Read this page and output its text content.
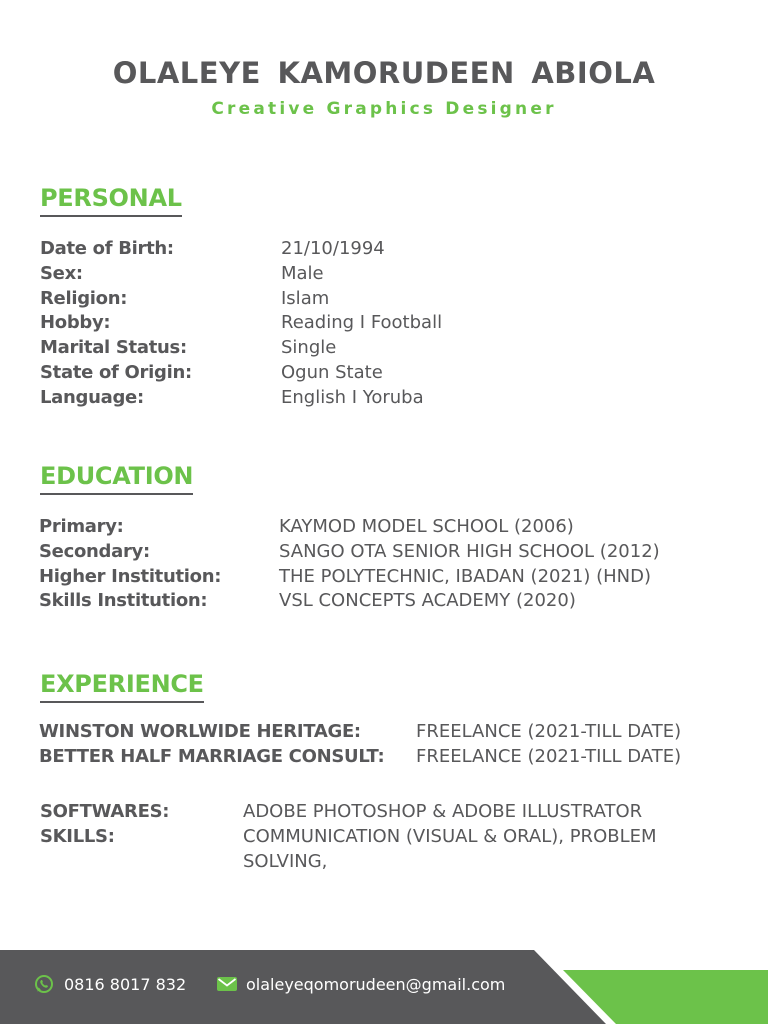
OLALEYE KAMORUDEEN ABIOLA
Creative Graphics Designer
PERSONAL
Date of Birth:	21/10/1994
Sex:	Male
Religion:	Islam
Hobby:	Reading I Football
Marital Status:	Single
State of Origin:	Ogun State
Language:	English I Yoruba
EDUCATION
Primary:	KAYMOD MODEL SCHOOL (2006)
Secondary:	SANGO OTA SENIOR HIGH SCHOOL (2012)
Higher Institution:	THE POLYTECHNIC, IBADAN (2021) (HND)
Skills Institution:	VSL CONCEPTS ACADEMY (2020)
EXPERIENCE
WINSTON WORLWIDE HERITAGE:	FREELANCE (2021-TILL DATE)
BETTER HALF MARRIAGE CONSULT: FREELANCE (2021-TILL DATE)
SOFTWARES:	ADOBE PHOTOSHOP & ADOBE ILLUSTRATOR
SKILLS:	COMMUNICATION (VISUAL & ORAL), PROBLEM SOLVING,
0816 8017 832	olaleyeqomorudeen@gmail.com
